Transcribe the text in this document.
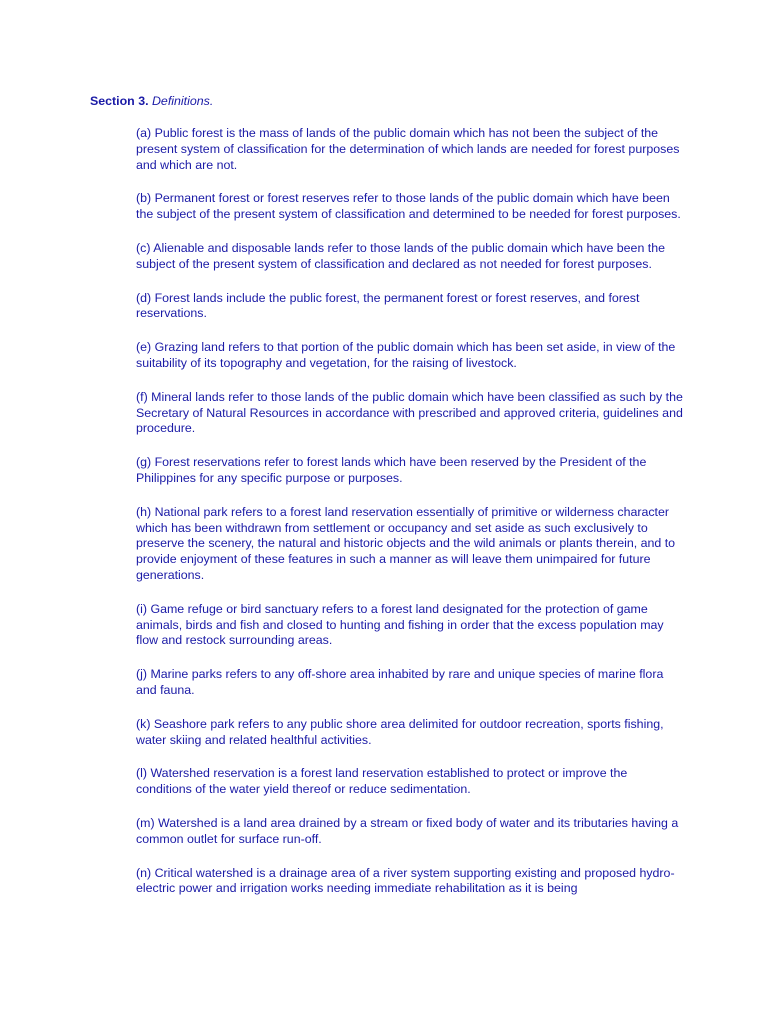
Section 3. Definitions.
(a) Public forest is the mass of lands of the public domain which has not been the subject of the present system of classification for the determination of which lands are needed for forest purposes and which are not.
(b) Permanent forest or forest reserves refer to those lands of the public domain which have been the subject of the present system of classification and determined to be needed for forest purposes.
(c) Alienable and disposable lands refer to those lands of the public domain which have been the subject of the present system of classification and declared as not needed for forest purposes.
(d) Forest lands include the public forest, the permanent forest or forest reserves, and forest reservations.
(e) Grazing land refers to that portion of the public domain which has been set aside, in view of the suitability of its topography and vegetation, for the raising of livestock.
(f) Mineral lands refer to those lands of the public domain which have been classified as such by the Secretary of Natural Resources in accordance with prescribed and approved criteria, guidelines and procedure.
(g) Forest reservations refer to forest lands which have been reserved by the President of the Philippines for any specific purpose or purposes.
(h) National park refers to a forest land reservation essentially of primitive or wilderness character which has been withdrawn from settlement or occupancy and set aside as such exclusively to preserve the scenery, the natural and historic objects and the wild animals or plants therein, and to provide enjoyment of these features in such a manner as will leave them unimpaired for future generations.
(i) Game refuge or bird sanctuary refers to a forest land designated for the protection of game animals, birds and fish and closed to hunting and fishing in order that the excess population may flow and restock surrounding areas.
(j) Marine parks refers to any off-shore area inhabited by rare and unique species of marine flora and fauna.
(k) Seashore park refers to any public shore area delimited for outdoor recreation, sports fishing, water skiing and related healthful activities.
(l) Watershed reservation is a forest land reservation established to protect or improve the conditions of the water yield thereof or reduce sedimentation.
(m) Watershed is a land area drained by a stream or fixed body of water and its tributaries having a common outlet for surface run-off.
(n) Critical watershed is a drainage area of a river system supporting existing and proposed hydro-electric power and irrigation works needing immediate rehabilitation as it is being
